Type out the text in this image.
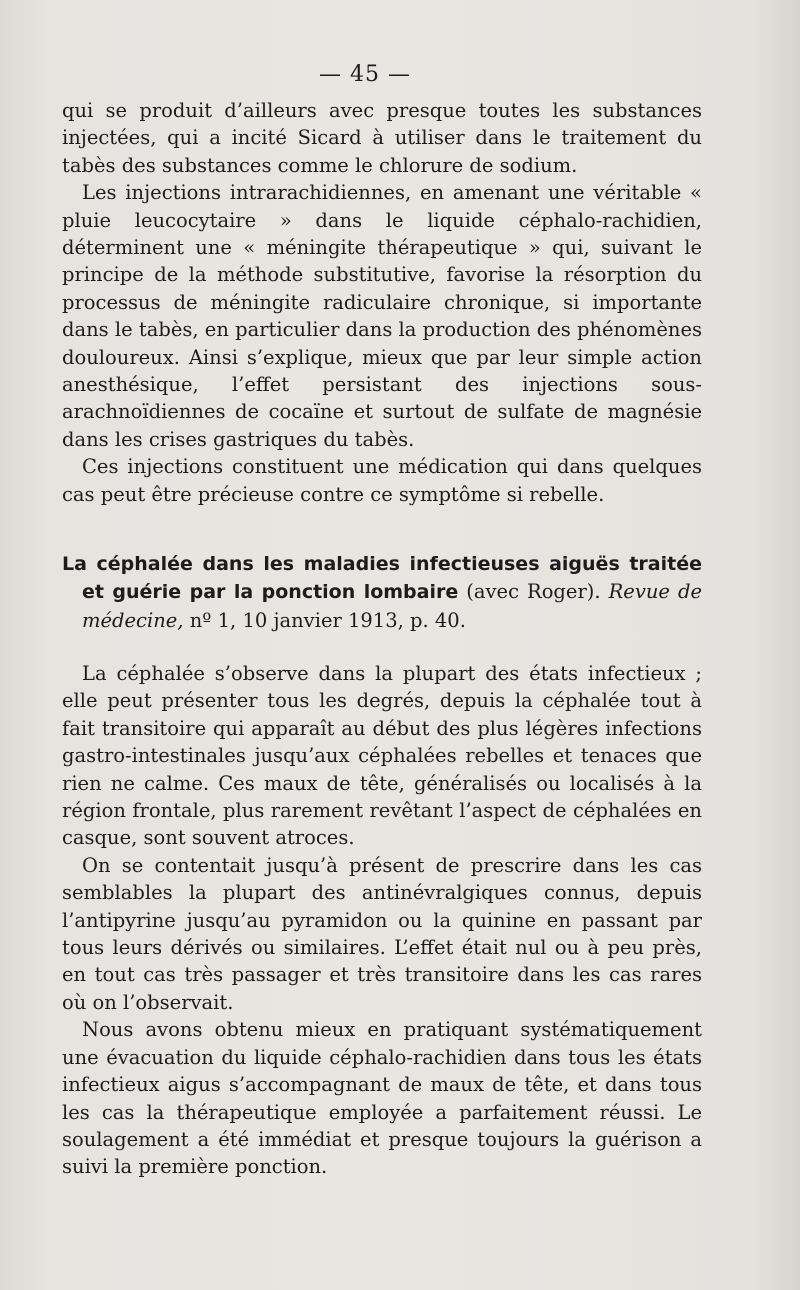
— 45 —

qui se produit d’ailleurs avec presque toutes les substances injectées, qui a incité Sicard à utiliser dans le traitement du tabès des substances comme le chlorure de sodium.

Les injections intrarachidiennes, en amenant une véritable « pluie leucocytaire » dans le liquide céphalo-rachidien, déterminent une « méningite thérapeutique » qui, suivant le principe de la méthode substitutive, favorise la résorption du processus de méningite radiculaire chronique, si importante dans le tabès, en particulier dans la production des phénomènes douloureux. Ainsi s’explique, mieux que par leur simple action anesthésique, l’effet persistant des injections sous-arachnoïdiennes de cocaïne et surtout de sulfate de magnésie dans les crises gastriques du tabès.

Ces injections constituent une médication qui dans quelques cas peut être précieuse contre ce symptôme si rebelle.

La céphalée dans les maladies infectieuses aiguës traitée et guérie par la ponction lombaire (avec Roger). Revue de médecine, nº 1, 10 janvier 1913, p. 40.

La céphalée s’observe dans la plupart des états infectieux ; elle peut présenter tous les degrés, depuis la céphalée tout à fait transitoire qui apparaît au début des plus légères infections gastro-intestinales jusqu’aux céphalées rebelles et tenaces que rien ne calme. Ces maux de tête, généralisés ou localisés à la région frontale, plus rarement revêtant l’aspect de céphalées en casque, sont souvent atroces.

On se contentait jusqu’à présent de prescrire dans les cas semblables la plupart des antinévralgiques connus, depuis l’antipyrine jusqu’au pyramidon ou la quinine en passant par tous leurs dérivés ou similaires. L’effet était nul ou à peu près, en tout cas très passager et très transitoire dans les cas rares où on l’observait.

Nous avons obtenu mieux en pratiquant systématiquement une évacuation du liquide céphalo-rachidien dans tous les états infectieux aigus s’accompagnant de maux de tête, et dans tous les cas la thérapeutique employée a parfaitement réussi. Le soulagement a été immédiat et presque toujours la guérison a suivi la première ponction.
